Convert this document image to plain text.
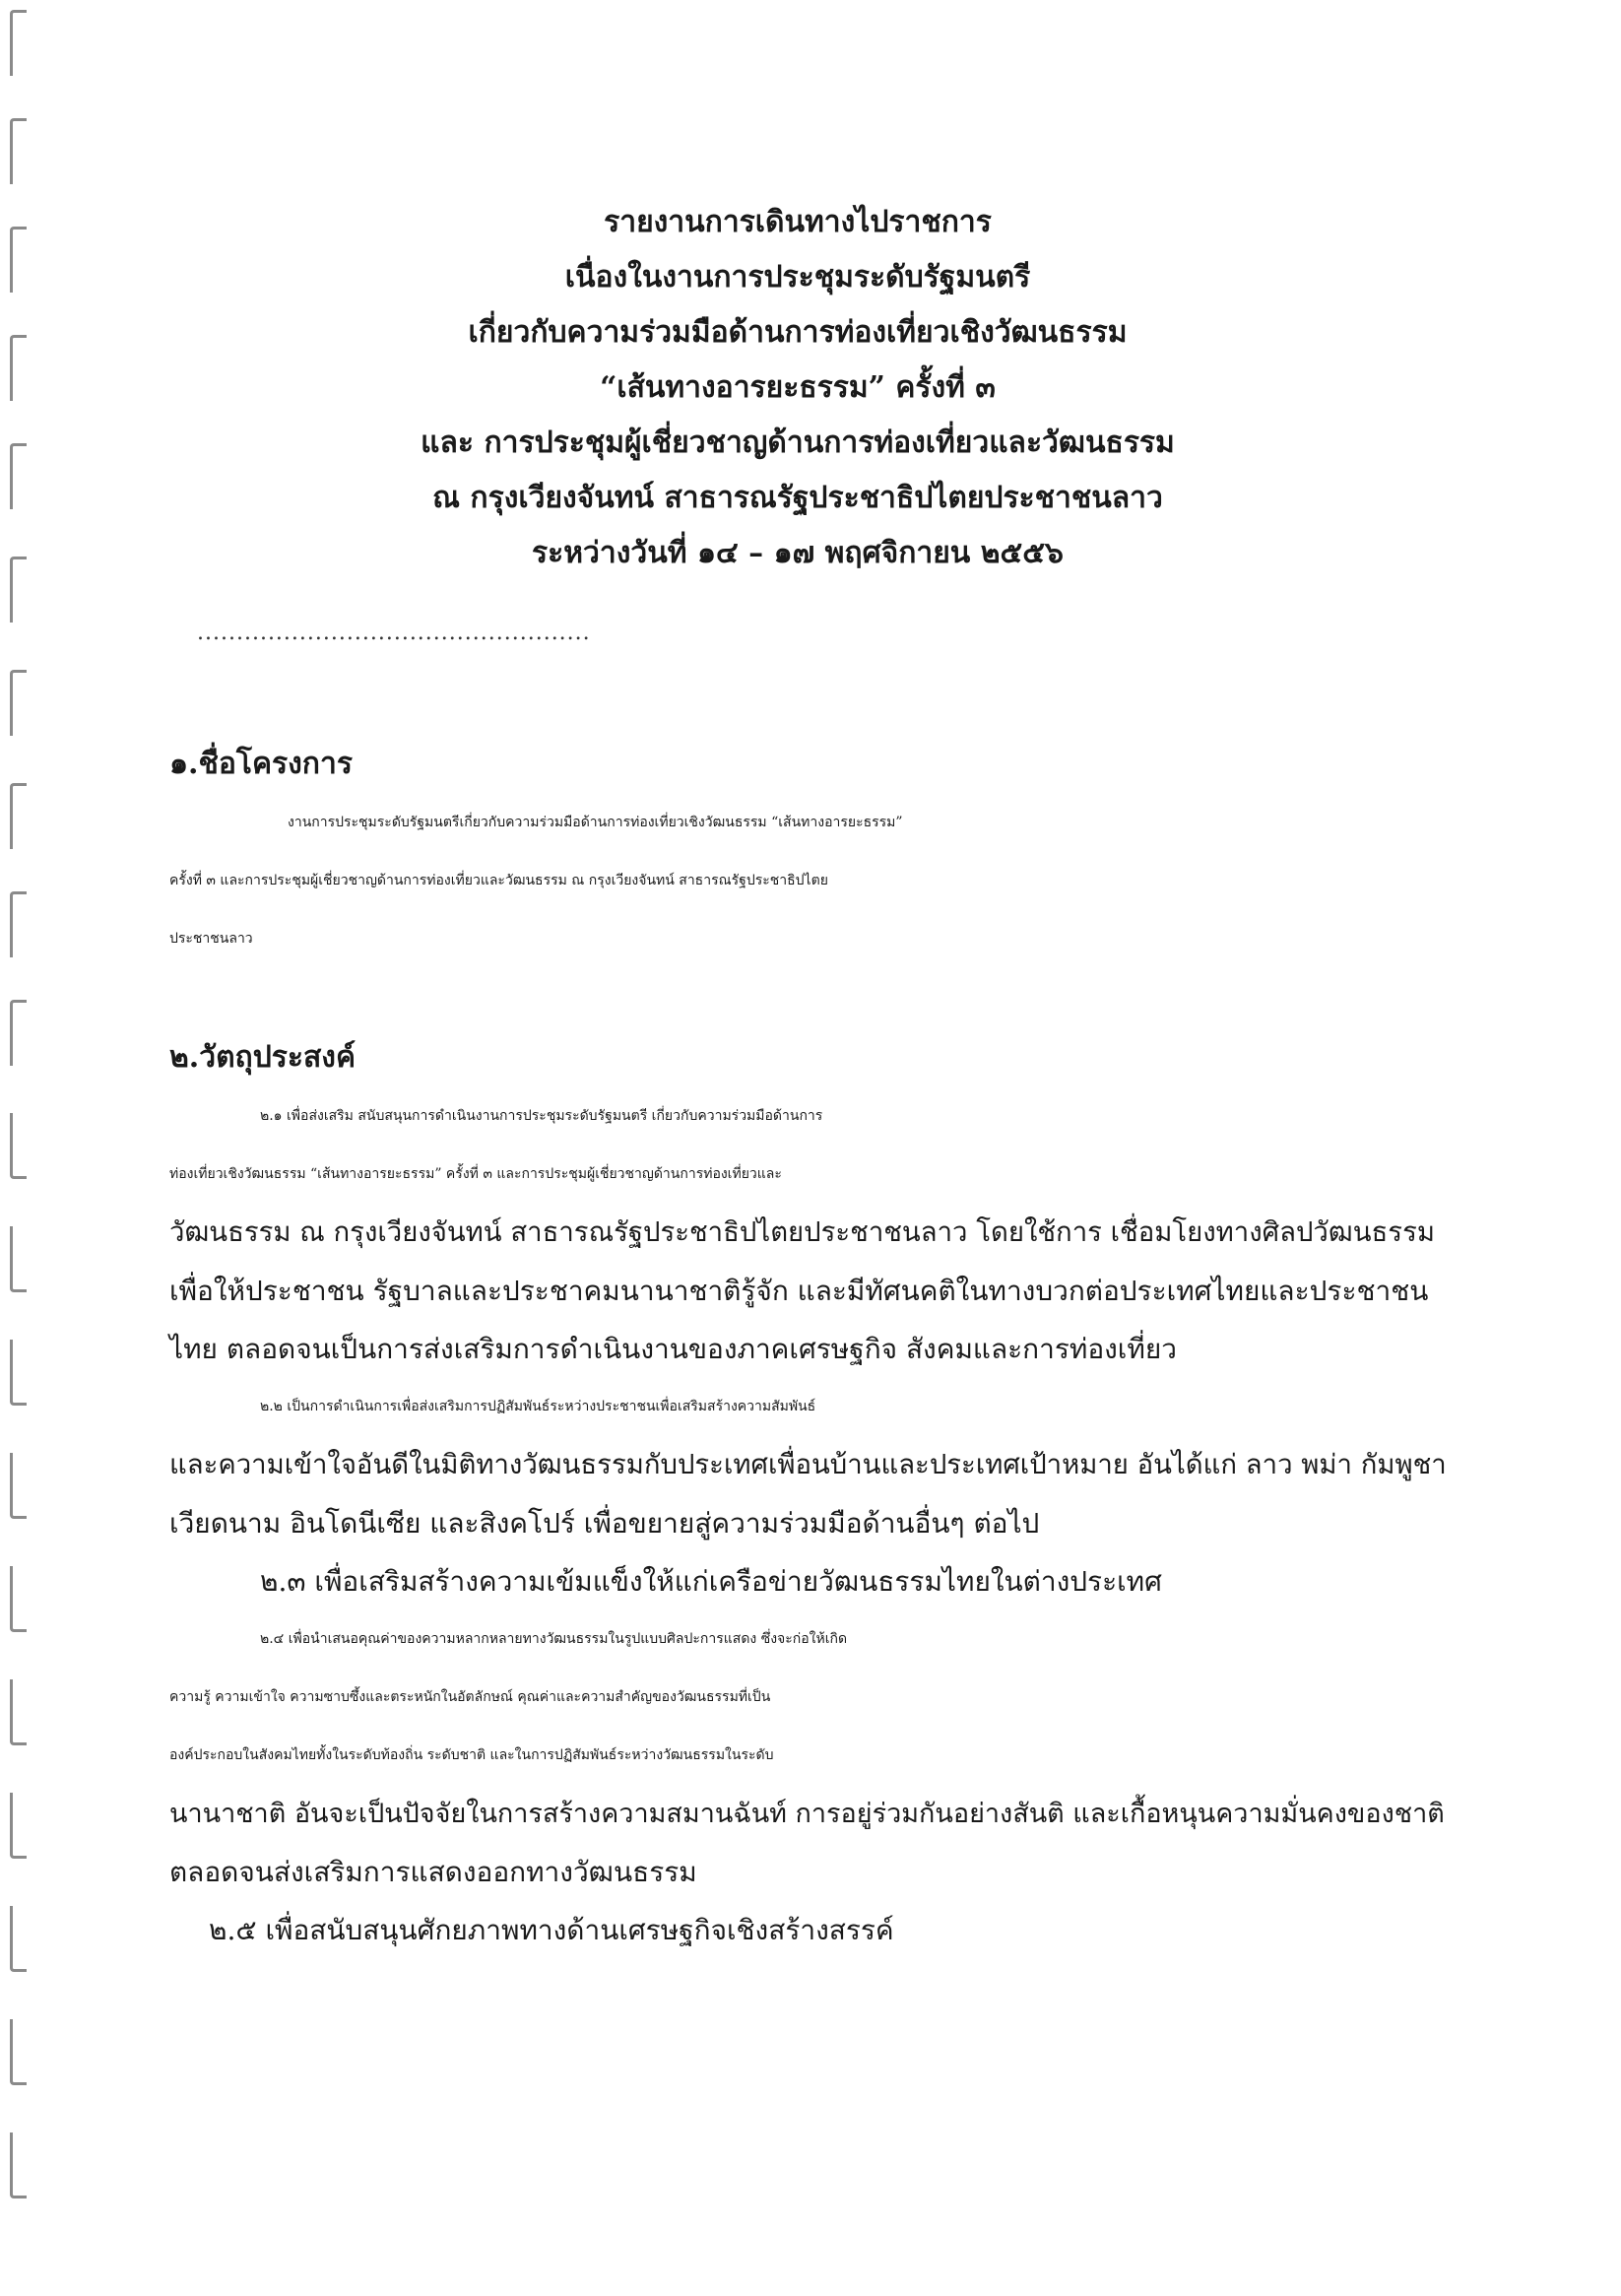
รายงานการเดินทางไปราชการ
เนื่องในงานการประชุมระดับรัฐมนตรี
เกี่ยวกับความร่วมมือด้านการท่องเที่ยวเชิงวัฒนธรรม
“เส้นทางอารยะธรรม” ครั้งที่ ๓
และ การประชุมผู้เชี่ยวชาญด้านการท่องเที่ยวและวัฒนธรรม
ณ กรุงเวียงจันทน์ สาธารณรัฐประชาธิปไตยประชาชนลาว
ระหว่างวันที่ ๑๔ – ๑๗ พฤศจิกายน ๒๕๕๖
..................................................
๑.ชื่อโครงการ
งานการประชุมระดับรัฐมนตรีเกี่ยวกับความร่วมมือด้านการท่องเที่ยวเชิงวัฒนธรรม “เส้นทางอารยะธรรม”
ครั้งที่ ๓ และการประชุมผู้เชี่ยวชาญด้านการท่องเที่ยวและวัฒนธรรม ณ กรุงเวียงจันทน์ สาธารณรัฐประชาธิปไตย
ประชาชนลาว
๒.วัตถุประสงค์
๒.๑ เพื่อส่งเสริม สนับสนุนการดำเนินงานการประชุมระดับรัฐมนตรี เกี่ยวกับความร่วมมือด้านการ
ท่องเที่ยวเชิงวัฒนธรรม “เส้นทางอารยะธรรม” ครั้งที่ ๓ และการประชุมผู้เชี่ยวชาญด้านการท่องเที่ยวและ
วัฒนธรรม ณ กรุงเวียงจันทน์ สาธารณรัฐประชาธิปไตยประชาชนลาว โดยใช้การ เชื่อมโยงทางศิลปวัฒนธรรม
เพื่อให้ประชาชน รัฐบาลและประชาคมนานาชาติรู้จัก และมีทัศนคติในทางบวกต่อประเทศไทยและประชาชน
ไทย ตลอดจนเป็นการส่งเสริมการดำเนินงานของภาคเศรษฐกิจ สังคมและการท่องเที่ยว
๒.๒ เป็นการดำเนินการเพื่อส่งเสริมการปฏิสัมพันธ์ระหว่างประชาชนเพื่อเสริมสร้างความสัมพันธ์
และความเข้าใจอันดีในมิติทางวัฒนธรรมกับประเทศเพื่อนบ้านและประเทศเป้าหมาย อันได้แก่ ลาว พม่า กัมพูชา
เวียดนาม อินโดนีเซีย และสิงคโปร์ เพื่อขยายสู่ความร่วมมือด้านอื่นๆ ต่อไป
๒.๓ เพื่อเสริมสร้างความเข้มแข็งให้แก่เครือข่ายวัฒนธรรมไทยในต่างประเทศ
๒.๔ เพื่อนำเสนอคุณค่าของความหลากหลายทางวัฒนธรรมในรูปแบบศิลปะการแสดง ซึ่งจะก่อให้เกิด
ความรู้ ความเข้าใจ ความซาบซึ้งและตระหนักในอัตลักษณ์ คุณค่าและความสำคัญของวัฒนธรรมที่เป็น
องค์ประกอบในสังคมไทยทั้งในระดับท้องถิ่น ระดับชาติ และในการปฏิสัมพันธ์ระหว่างวัฒนธรรมในระดับ
นานาชาติ อันจะเป็นปัจจัยในการสร้างความสมานฉันท์ การอยู่ร่วมกันอย่างสันติ และเกื้อหนุนความมั่นคงของชาติ
ตลอดจนส่งเสริมการแสดงออกทางวัฒนธรรม
๒.๕ เพื่อสนับสนุนศักยภาพทางด้านเศรษฐกิจเชิงสร้างสรรค์
